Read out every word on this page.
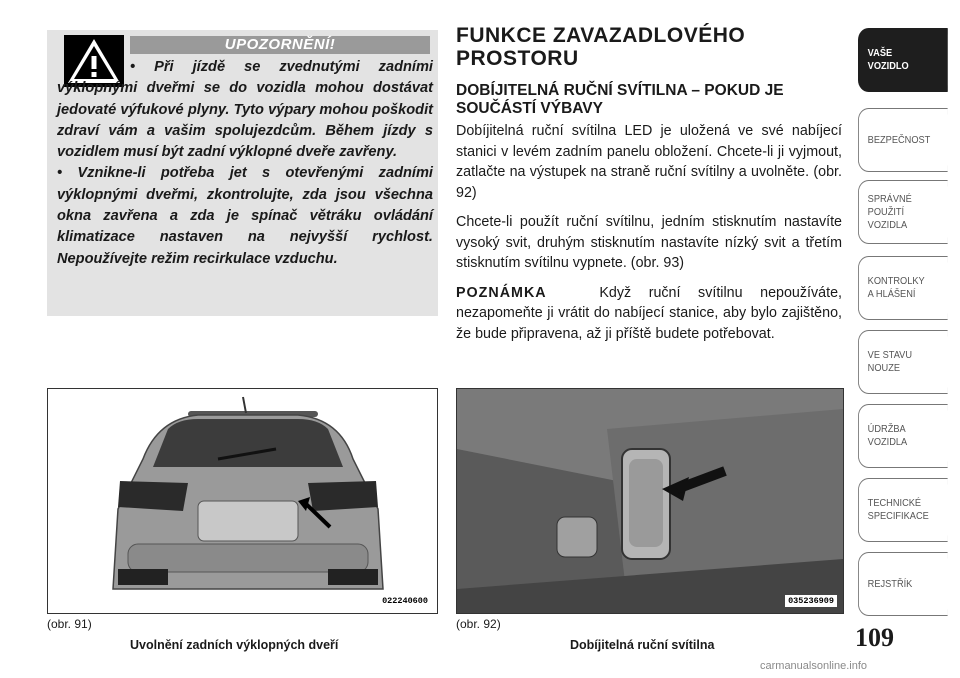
UPOZORNĚNÍ!

• Při jízdě se zvednutými zadními výklopnými dveřmi se do vozidla mohou dostávat jedovaté výfukové plyny. Tyto výpary mohou poškodit zdraví vám a vašim spolujezdcům. Během jízdy s vozidlem musí být zadní výklopné dveře zavřeny.

• Vznikne-li potřeba jet s otevřenými zadními výklopnými dveřmi, zkontrolujte, zda jsou všechna okna zavřena a zda je spínač větráku ovládání klimatizace nastaven na nejvyšší rychlost. Nepoužívejte režim recirkulace vzduchu.

FUNKCE ZAVAZADLOVÉHO PROSTORU
DOBÍJITELNÁ RUČNÍ SVÍTILNA – POKUD JE SOUČÁSTÍ VÝBAVY

Dobíjitelná ruční svítilna LED je uložená ve své nabíjecí stanici v levém zadním panelu obložení. Chcete-li ji vyjmout, zatlačte na výstupek na straně ruční svítilny a uvolněte. (obr. 92)

Chcete-li použít ruční svítilnu, jedním stisknutím nastavíte vysoký svit, druhým stisknutím nastavíte nízký svit a třetím stisknutím svítilnu vypnete. (obr. 93)

POZNÁMKA	Když ruční svítilnu nepoužíváte, nezapomeňte ji vrátit do nabíjecí stanice, aby bylo zajištěno, že bude připravena, až ji příště budete potřebovat.

VAŠE
VOZIDLO
BEZPEČNOST
SPRÁVNÉ
POUŽITÍ
VOZIDLA
KONTROLKY
A HLÁŠENÍ
VE STAVU
NOUZE
ÚDRŽBA
VOZIDLA
TECHNICKÉ
SPECIFIKACE
REJSTŘÍK
022240600	035236909
(obr. 91)
Uvolnění zadních výklopných dveří
(obr. 92)
Dobíjitelná ruční svítilna	109
carmanualsonline.info
